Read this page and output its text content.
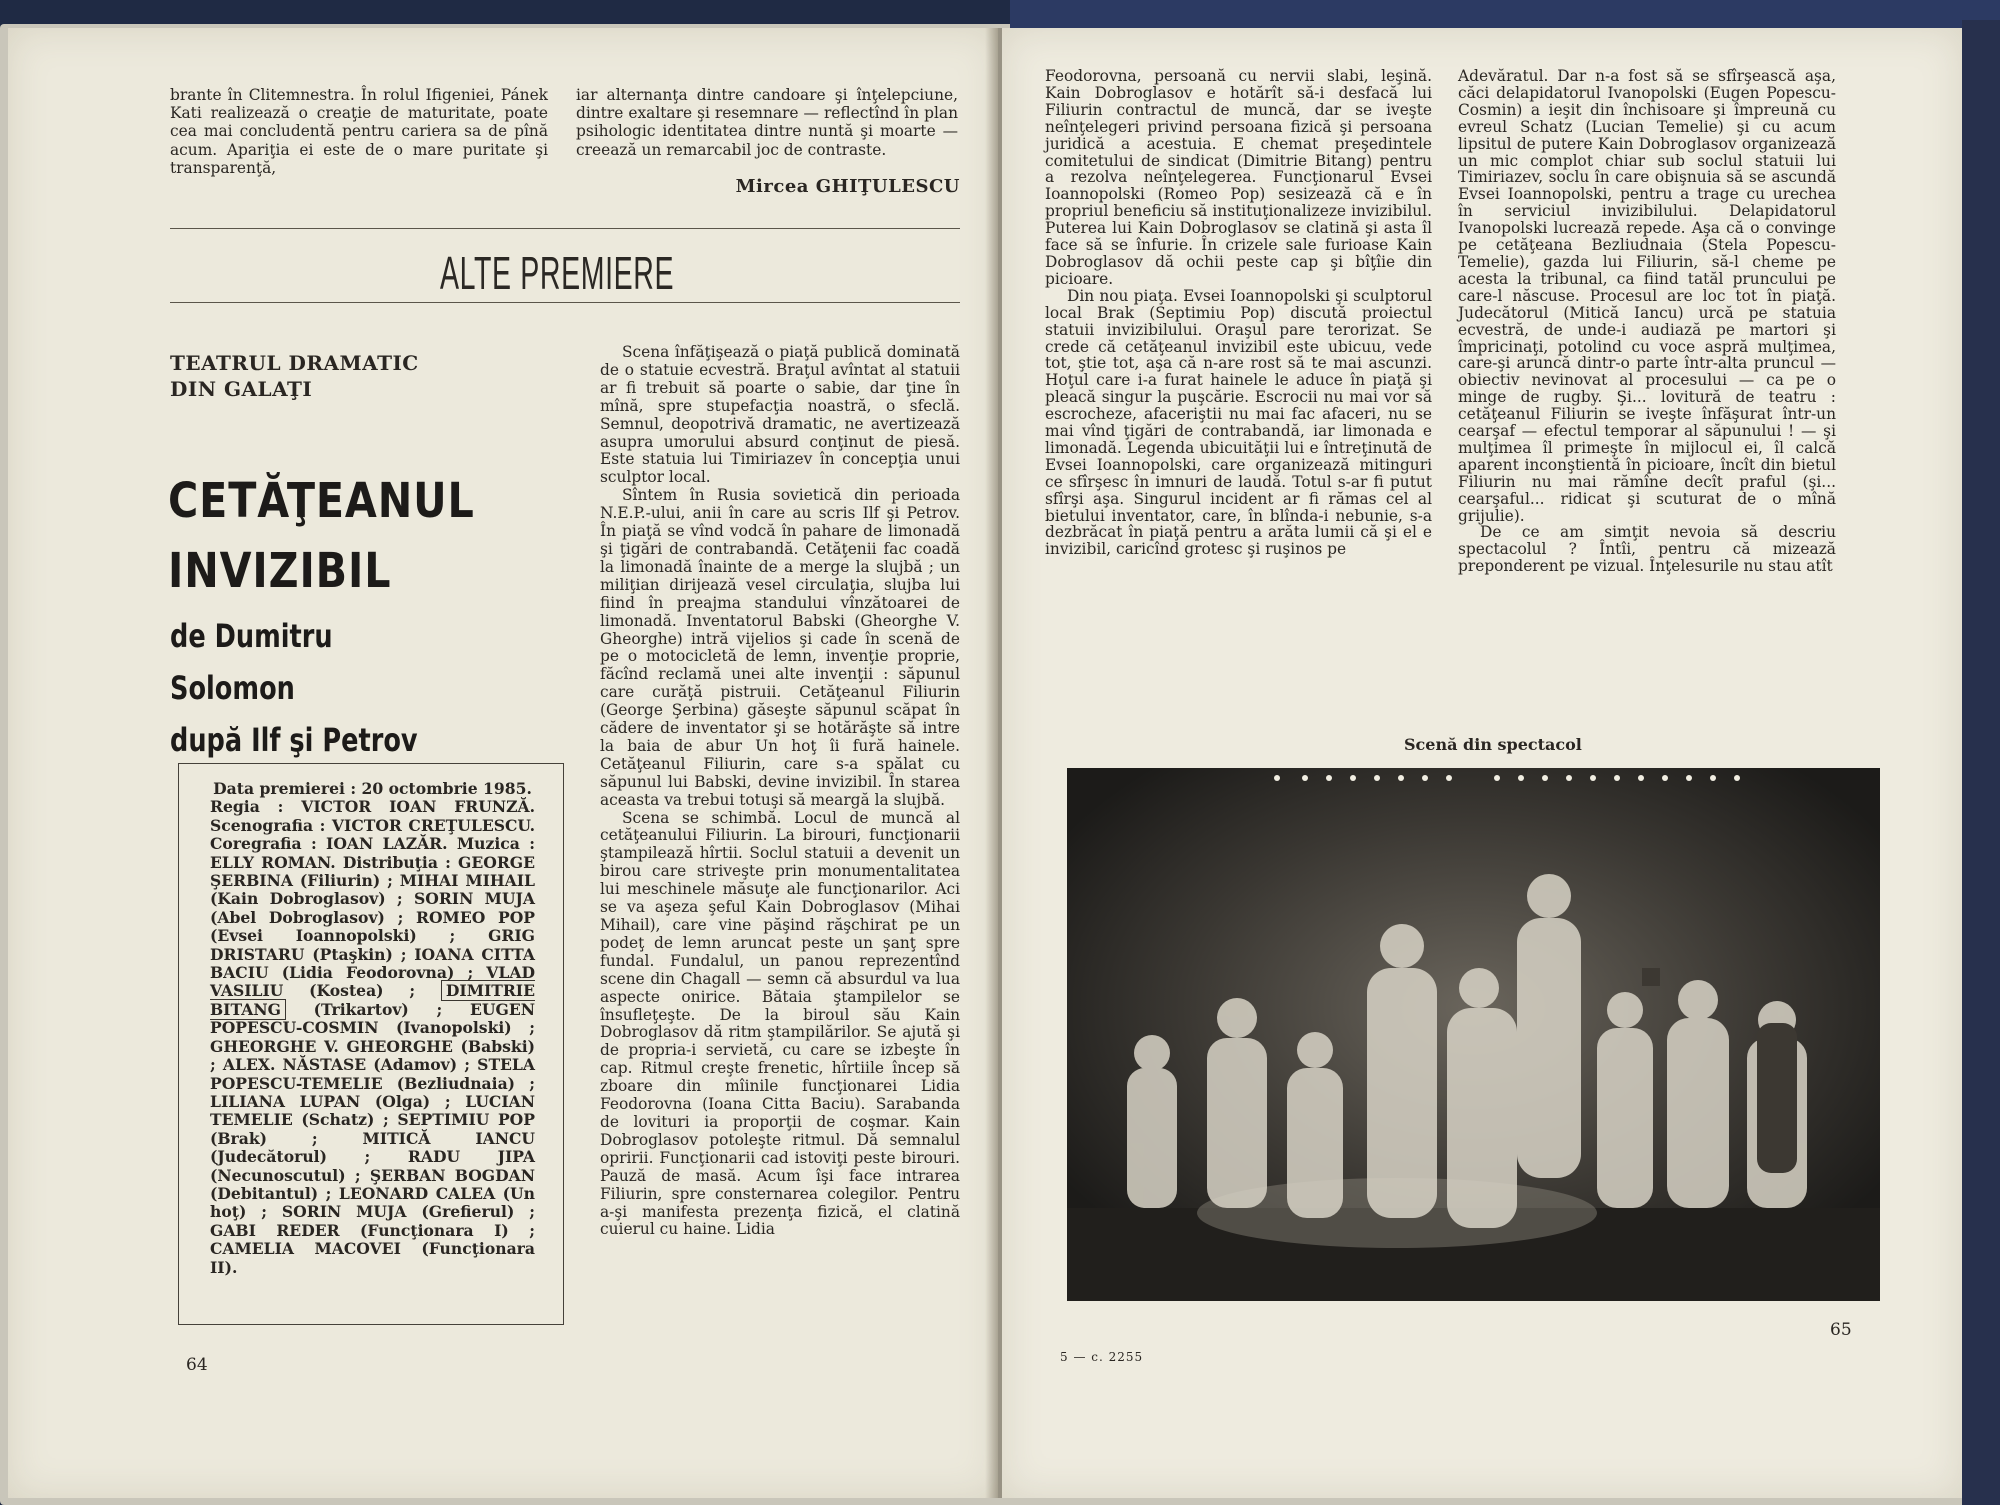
brante în Clitemnestra. În rolul Ifigeniei, Pánek Kati realizează o creaţie de maturitate, poate cea mai concludentă pentru cariera sa de pînă acum. Apariţia ei este de o mare puritate şi transparenţă,

iar alternanţa dintre candoare şi înţelepciune, dintre exaltare şi resemnare — reflectînd în plan psihologic identitatea dintre nuntă şi moarte — creează un remarcabil joc de contraste.

Mircea GHIŢULESCU
ALTE PREMIERE
TEATRUL DRAMATIC
DIN GALAŢI
CETĂŢEANUL
INVIZIBIL
de Dumitru Solomon
după Ilf şi Petrov
Data premierei : 20 octombrie 1985.
Regia : VICTOR IOAN FRUNZĂ. Scenografia : VICTOR CREŢULESCU. Coregrafia : IOAN LAZĂR. Muzica : ELLY ROMAN. Distribuţia : GEORGE ŞERBINA (Filiurin) ; MIHAI MIHAIL (Kain Dobroglasov) ; SORIN MUJA (Abel Dobroglasov) ; ROMEO POP (Evsei Ioannopolski) ; GRIG DRISTARU (Ptaşkin) ; IOANA CITTA BACIU (Lidia Feodorovna) ; VLAD VASILIU (Kostea) ; DIMITRIE BITANG (Trikartov) ; EUGEN POPESCU-COSMIN (Ivanopolski) ; GHEORGHE V. GHEORGHE (Babski) ; ALEX. NĂSTASE (Adamov) ; STELA POPESCU-TEMELIE (Bezliudnaia) ; LILIANA LUPAN (Olga) ; LUCIAN TEMELIE (Schatz) ; SEPTIMIU POP (Brak) ; MITICĂ IANCU (Judecătorul) ; RADU JIPA (Necunoscutul) ; ŞERBAN BOGDAN (Debitantul) ; LEONARD CALEA (Un hoţ) ; SORIN MUJA (Grefierul) ; GABI REDER (Funcţionara I) ; CAMELIA MACOVEI (Funcţionara II).

Scena înfăţişează o piaţă publică dominată de o statuie ecvestră. Braţul avîntat al statuii ar fi trebuit să poarte o sabie, dar ţine în mînă, spre stupefacţia noastră, o sfeclă. Semnul, deopotrivă dramatic, ne avertizează asupra umorului absurd conţinut de piesă. Este statuia lui Timiriazev în concepţia unui sculptor local.

Sîntem în Rusia sovietică din perioada N.E.P.-ului, anii în care au scris Ilf şi Petrov. În piaţă se vînd vodcă în pahare de limonadă şi ţigări de contrabandă. Cetăţenii fac coadă la limonadă înainte de a merge la slujbă ; un miliţian dirijează vesel circulaţia, slujba lui fiind în preajma standului vînzătoarei de limonadă. Inventatorul Babski (Gheorghe V. Gheorghe) intră vijelios şi cade în scenă de pe o motocicletă de lemn, invenţie proprie, făcînd reclamă unei alte invenţii : săpunul care curăţă pistruii. Cetăţeanul Filiurin (George Şerbina) găseşte săpunul scăpat în cădere de inventator şi se hotărăşte să intre la baia de abur Un hoţ îi fură hainele. Cetăţeanul Filiurin, care s-a spălat cu săpunul lui Babski, devine invizibil. În starea aceasta va trebui totuşi să meargă la slujbă.

Scena se schimbă. Locul de muncă al cetăţeanului Filiurin. La birouri, funcţionarii ştampilează hîrtii. Soclul statuii a devenit un birou care striveşte prin monumentalitatea lui meschinele măsuţe ale funcţionarilor. Aci se va aşeza şeful Kain Dobroglasov (Mihai Mihail), care vine păşind răşchirat pe un podeţ de lemn aruncat peste un şanţ spre fundal. Fundalul, un panou reprezentînd scene din Chagall — semn că absurdul va lua aspecte onirice. Bătaia ştampilelor se însufleţeşte. De la biroul său Kain Dobroglasov dă ritm ştampilărilor. Se ajută şi de propria-i servietă, cu care se izbeşte în cap. Ritmul creşte frenetic, hîrtiile încep să zboare din mîinile funcţionarei Lidia Feodorovna (Ioana Citta Baciu). Sarabanda de lovituri ia proporţii de coşmar. Kain Dobroglasov potoleşte ritmul. Dă semnalul opririi. Funcţionarii cad istoviţi peste birouri. Pauză de masă. Acum îşi face intrarea Filiurin, spre consternarea colegilor. Pentru a-şi manifesta prezenţa fizică, el clatină cuierul cu haine. Lidia

64

Feodorovna, persoană cu nervii slabi, leşină. Kain Dobroglasov e hotărît să-i desfacă lui Filiurin contractul de muncă, dar se iveşte neînţelegeri privind persoana fizică şi persoana juridică a acestuia. E chemat preşedintele comitetului de sindicat (Dimitrie Bitang) pentru a rezolva neînţelegerea. Funcţionarul Evsei Ioannopolski (Romeo Pop) sesizează că e în propriul beneficiu să instituţionalizeze invizibilul. Puterea lui Kain Dobroglasov se clatină şi asta îl face să se înfurie. În crizele sale furioase Kain Dobroglasov dă ochii peste cap şi bîţîie din picioare.

Din nou piaţa. Evsei Ioannopolski şi sculptorul local Brak (Septimiu Pop) discută proiectul statuii invizibilului. Oraşul pare terorizat. Se crede că cetăţeanul invizibil este ubicuu, vede tot, ştie tot, aşa că n-are rost să te mai ascunzi. Hoţul care i-a furat hainele le aduce în piaţă şi pleacă singur la puşcărie. Escrocii nu mai vor să escrocheze, afaceriştii nu mai fac afaceri, nu se mai vînd ţigări de contrabandă, iar limonada e limonadă. Legenda ubicuităţii lui e întreţinută de Evsei Ioannopolski, care organizează mitinguri ce sfîrşesc în imnuri de laudă. Totul s-ar fi putut sfîrşi aşa. Singurul incident ar fi rămas cel al bietului inventator, care, în blînda-i nebunie, s-a dezbrăcat în piaţă pentru a arăta lumii că şi el e invizibil, caricînd grotesc şi ruşinos pe

Adevăratul. Dar n-a fost să se sfîrşească aşa, căci delapidatorul Ivanopolski (Eugen Popescu-Cosmin) a ieşit din închisoare şi împreună cu evreul Schatz (Lucian Temelie) şi cu acum lipsitul de putere Kain Dobroglasov organizează un mic complot chiar sub soclul statuii lui Timiriazev, soclu în care obişnuia să se ascundă Evsei Ioannopolski, pentru a trage cu urechea în serviciul invizibilului. Delapidatorul Ivanopolski lucrează repede. Aşa că o convinge pe cetăţeana Bezliudnaia (Stela Popescu-Temelie), gazda lui Filiurin, să-l cheme pe acesta la tribunal, ca fiind tatăl pruncului pe care-l născuse. Procesul are loc tot în piaţă. Judecătorul (Mitică Iancu) urcă pe statuia ecvestră, de unde-i audiază pe martori şi împricinaţi, potolind cu voce aspră mulţimea, care-şi aruncă dintr-o parte într-alta pruncul — obiectiv nevinovat al procesului — ca pe o minge de rugby. Şi... lovitură de teatru : cetăţeanul Filiurin se iveşte înfăşurat într-un cearşaf — efectul temporar al săpunului ! — şi mulţimea îl primeşte în mijlocul ei, îl calcă aparent inconştientă în picioare, încît din bietul Filiurin nu mai rămîne decît praful (şi... cearşaful... ridicat şi scuturat de o mînă grijulie).

De ce am simţit nevoia să descriu spectacolul ? Întîi, pentru că mizează preponderent pe vizual. Înţelesurile nu stau atît

Scenă din spectacol
65
5 — c. 2255
